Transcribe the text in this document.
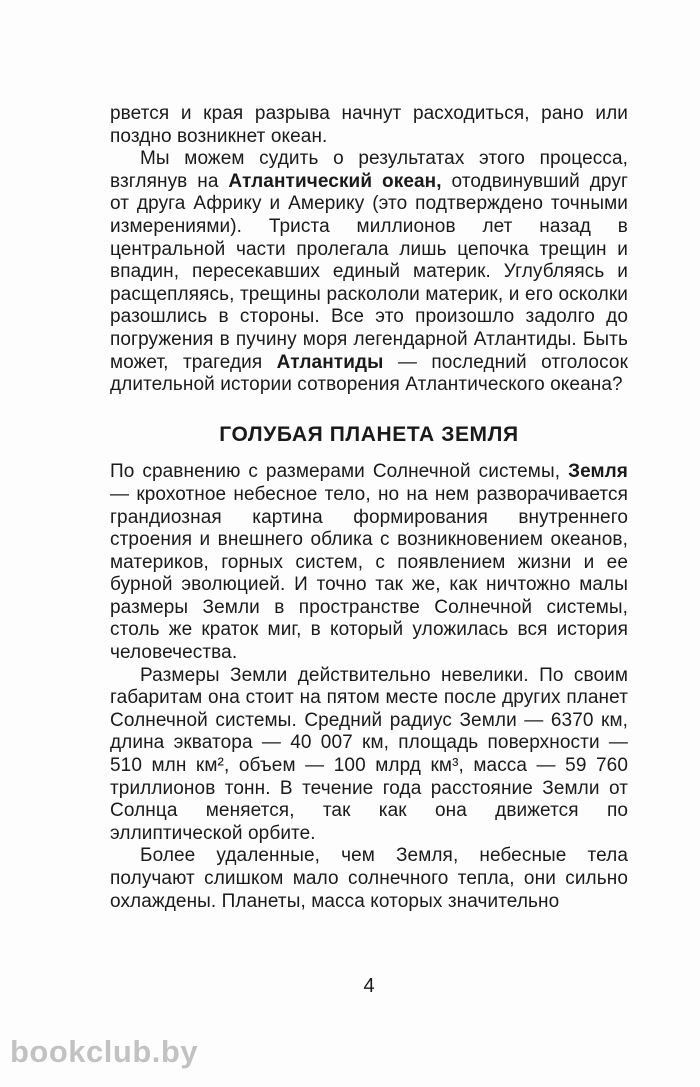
рвется и края разрыва начнут расходиться, рано или поздно возникнет океан.

Мы можем судить о результатах этого процесса, взглянув на Атлантический океан, отодвинувший друг от друга Африку и Америку (это подтверждено точными измерениями). Триста миллионов лет назад в центральной части пролегала лишь цепочка трещин и впадин, пересекавших единый материк. Углубляясь и расщепляясь, трещины раскололи материк, и его осколки разошлись в стороны. Все это произошло задолго до погружения в пучину моря легендарной Атлантиды. Быть может, трагедия Атлантиды — последний отголосок длительной истории сотворения Атлантического океана?

ГОЛУБАЯ ПЛАНЕТА ЗЕМЛЯ

По сравнению с размерами Солнечной системы, Земля — крохотное небесное тело, но на нем разворачивается грандиозная картина формирования внутреннего строения и внешнего облика с возникновением океанов, материков, горных систем, с появлением жизни и ее бурной эволюцией. И точно так же, как ничтожно малы размеры Земли в пространстве Солнечной системы, столь же краток миг, в который уложилась вся история человечества.

Размеры Земли действительно невелики. По своим габаритам она стоит на пятом месте после других планет Солнечной системы. Средний радиус Земли — 6370 км, длина экватора — 40 007 км, площадь поверхности — 510 млн км², объем — 100 млрд км³, масса — 59 760 триллионов тонн. В течение года расстояние Земли от Солнца меняется, так как она движется по эллиптической орбите.

Более удаленные, чем Земля, небесные тела получают слишком мало солнечного тепла, они сильно охлаждены. Планеты, масса которых значительно

4
bookclub.by
